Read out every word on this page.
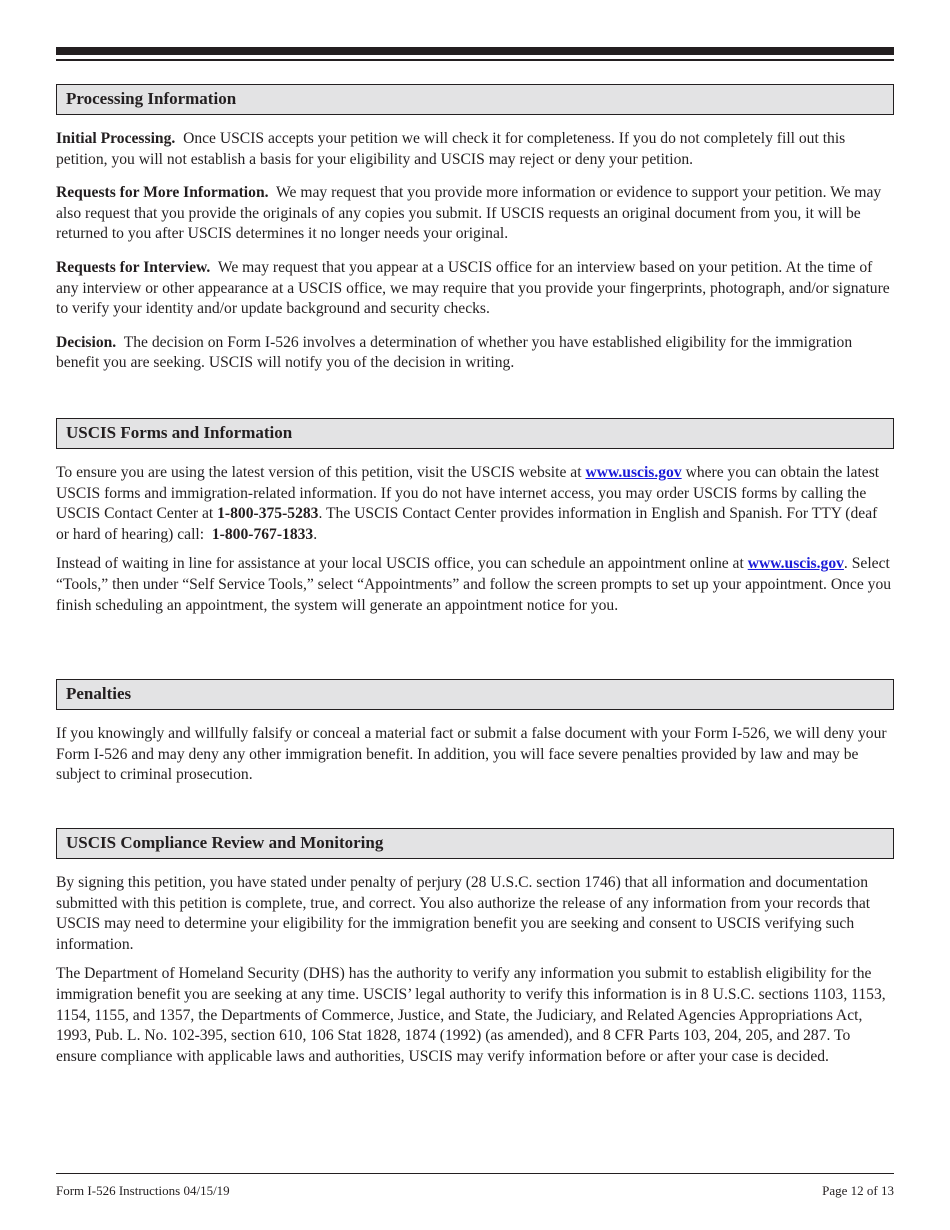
Processing Information

Initial Processing. Once USCIS accepts your petition we will check it for completeness. If you do not completely fill out this petition, you will not establish a basis for your eligibility and USCIS may reject or deny your petition.

Requests for More Information. We may request that you provide more information or evidence to support your petition. We may also request that you provide the originals of any copies you submit. If USCIS requests an original document from you, it will be returned to you after USCIS determines it no longer needs your original.

Requests for Interview. We may request that you appear at a USCIS office for an interview based on your petition. At the time of any interview or other appearance at a USCIS office, we may require that you provide your fingerprints, photograph, and/or signature to verify your identity and/or update background and security checks.

Decision. The decision on Form I-526 involves a determination of whether you have established eligibility for the immigration benefit you are seeking. USCIS will notify you of the decision in writing.

USCIS Forms and Information

To ensure you are using the latest version of this petition, visit the USCIS website at www.uscis.gov where you can obtain the latest USCIS forms and immigration-related information. If you do not have internet access, you may order USCIS forms by calling the USCIS Contact Center at 1-800-375-5283. The USCIS Contact Center provides information in English and Spanish. For TTY (deaf or hard of hearing) call: 1-800-767-1833.

Instead of waiting in line for assistance at your local USCIS office, you can schedule an appointment online at www.uscis.gov. Select “Tools,” then under “Self Service Tools,” select “Appointments” and follow the screen prompts to set up your appointment. Once you finish scheduling an appointment, the system will generate an appointment notice for you.

Penalties

If you knowingly and willfully falsify or conceal a material fact or submit a false document with your Form I-526, we will deny your Form I-526 and may deny any other immigration benefit. In addition, you will face severe penalties provided by law and may be subject to criminal prosecution.

USCIS Compliance Review and Monitoring

By signing this petition, you have stated under penalty of perjury (28 U.S.C. section 1746) that all information and documentation submitted with this petition is complete, true, and correct. You also authorize the release of any information from your records that USCIS may need to determine your eligibility for the immigration benefit you are seeking and consent to USCIS verifying such information.

The Department of Homeland Security (DHS) has the authority to verify any information you submit to establish eligibility for the immigration benefit you are seeking at any time. USCIS’ legal authority to verify this information is in 8 U.S.C. sections 1103, 1153, 1154, 1155, and 1357, the Departments of Commerce, Justice, and State, the Judiciary, and Related Agencies Appropriations Act, 1993, Pub. L. No. 102-395, section 610, 106 Stat 1828, 1874 (1992) (as amended), and 8 CFR Parts 103, 204, 205, and 287. To ensure compliance with applicable laws and authorities, USCIS may verify information before or after your case is decided.

Form I-526 Instructions 04/15/19	Page 12 of 13
